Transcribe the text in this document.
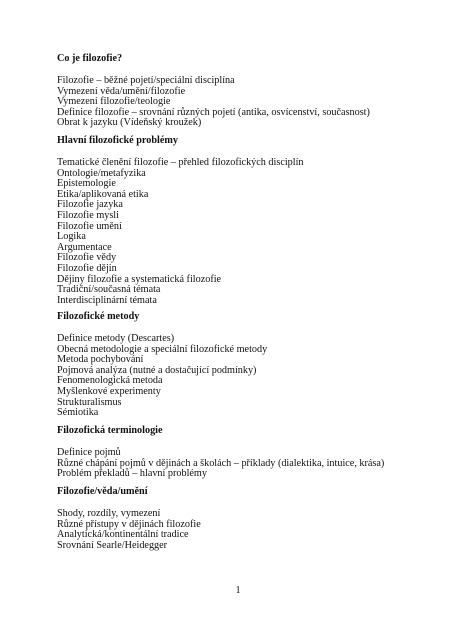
Co je filozofie?
Filozofie – běžné pojetí/speciální disciplína
Vymezení věda/umění/filozofie
Vymezení filozofie/teologie
Definice filozofie – srovnání různých pojetí (antika, osvícenství, současnost)
Obrat k jazyku (Vídeňský kroužek)
Hlavní filozofické problémy
Tematické členění filozofie – přehled filozofických disciplín
Ontologie/metafyzika
Epistemologie
Etika/aplikovaná etika
Filozofie jazyka
Filozofie mysli
Filozofie umění
Logika
Argumentace
Filozofie vědy
Filozofie dějin
Dějiny filozofie a systematická filozofie
Tradiční/současná témata
Interdisciplinární témata
Filozofické metody
Definice metody (Descartes)
Obecná metodologie a speciální filozofické metody
Metoda pochybování
Pojmová analýza (nutné a dostačující podmínky)
Fenomenologická metoda
Myšlenkové experimenty
Strukturalismus
Sémiotika
Filozofická terminologie
Definice pojmů
Různé chápání pojmů v dějinách a školách – příklady (dialektika, intuice, krása)
Problém překladů – hlavní problémy
Filozofie/věda/umění
Shody, rozdíly, vymezení
Různé přístupy v dějinách filozofie
Analytická/kontinentální tradice
Srovnání Searle/Heidegger
1
